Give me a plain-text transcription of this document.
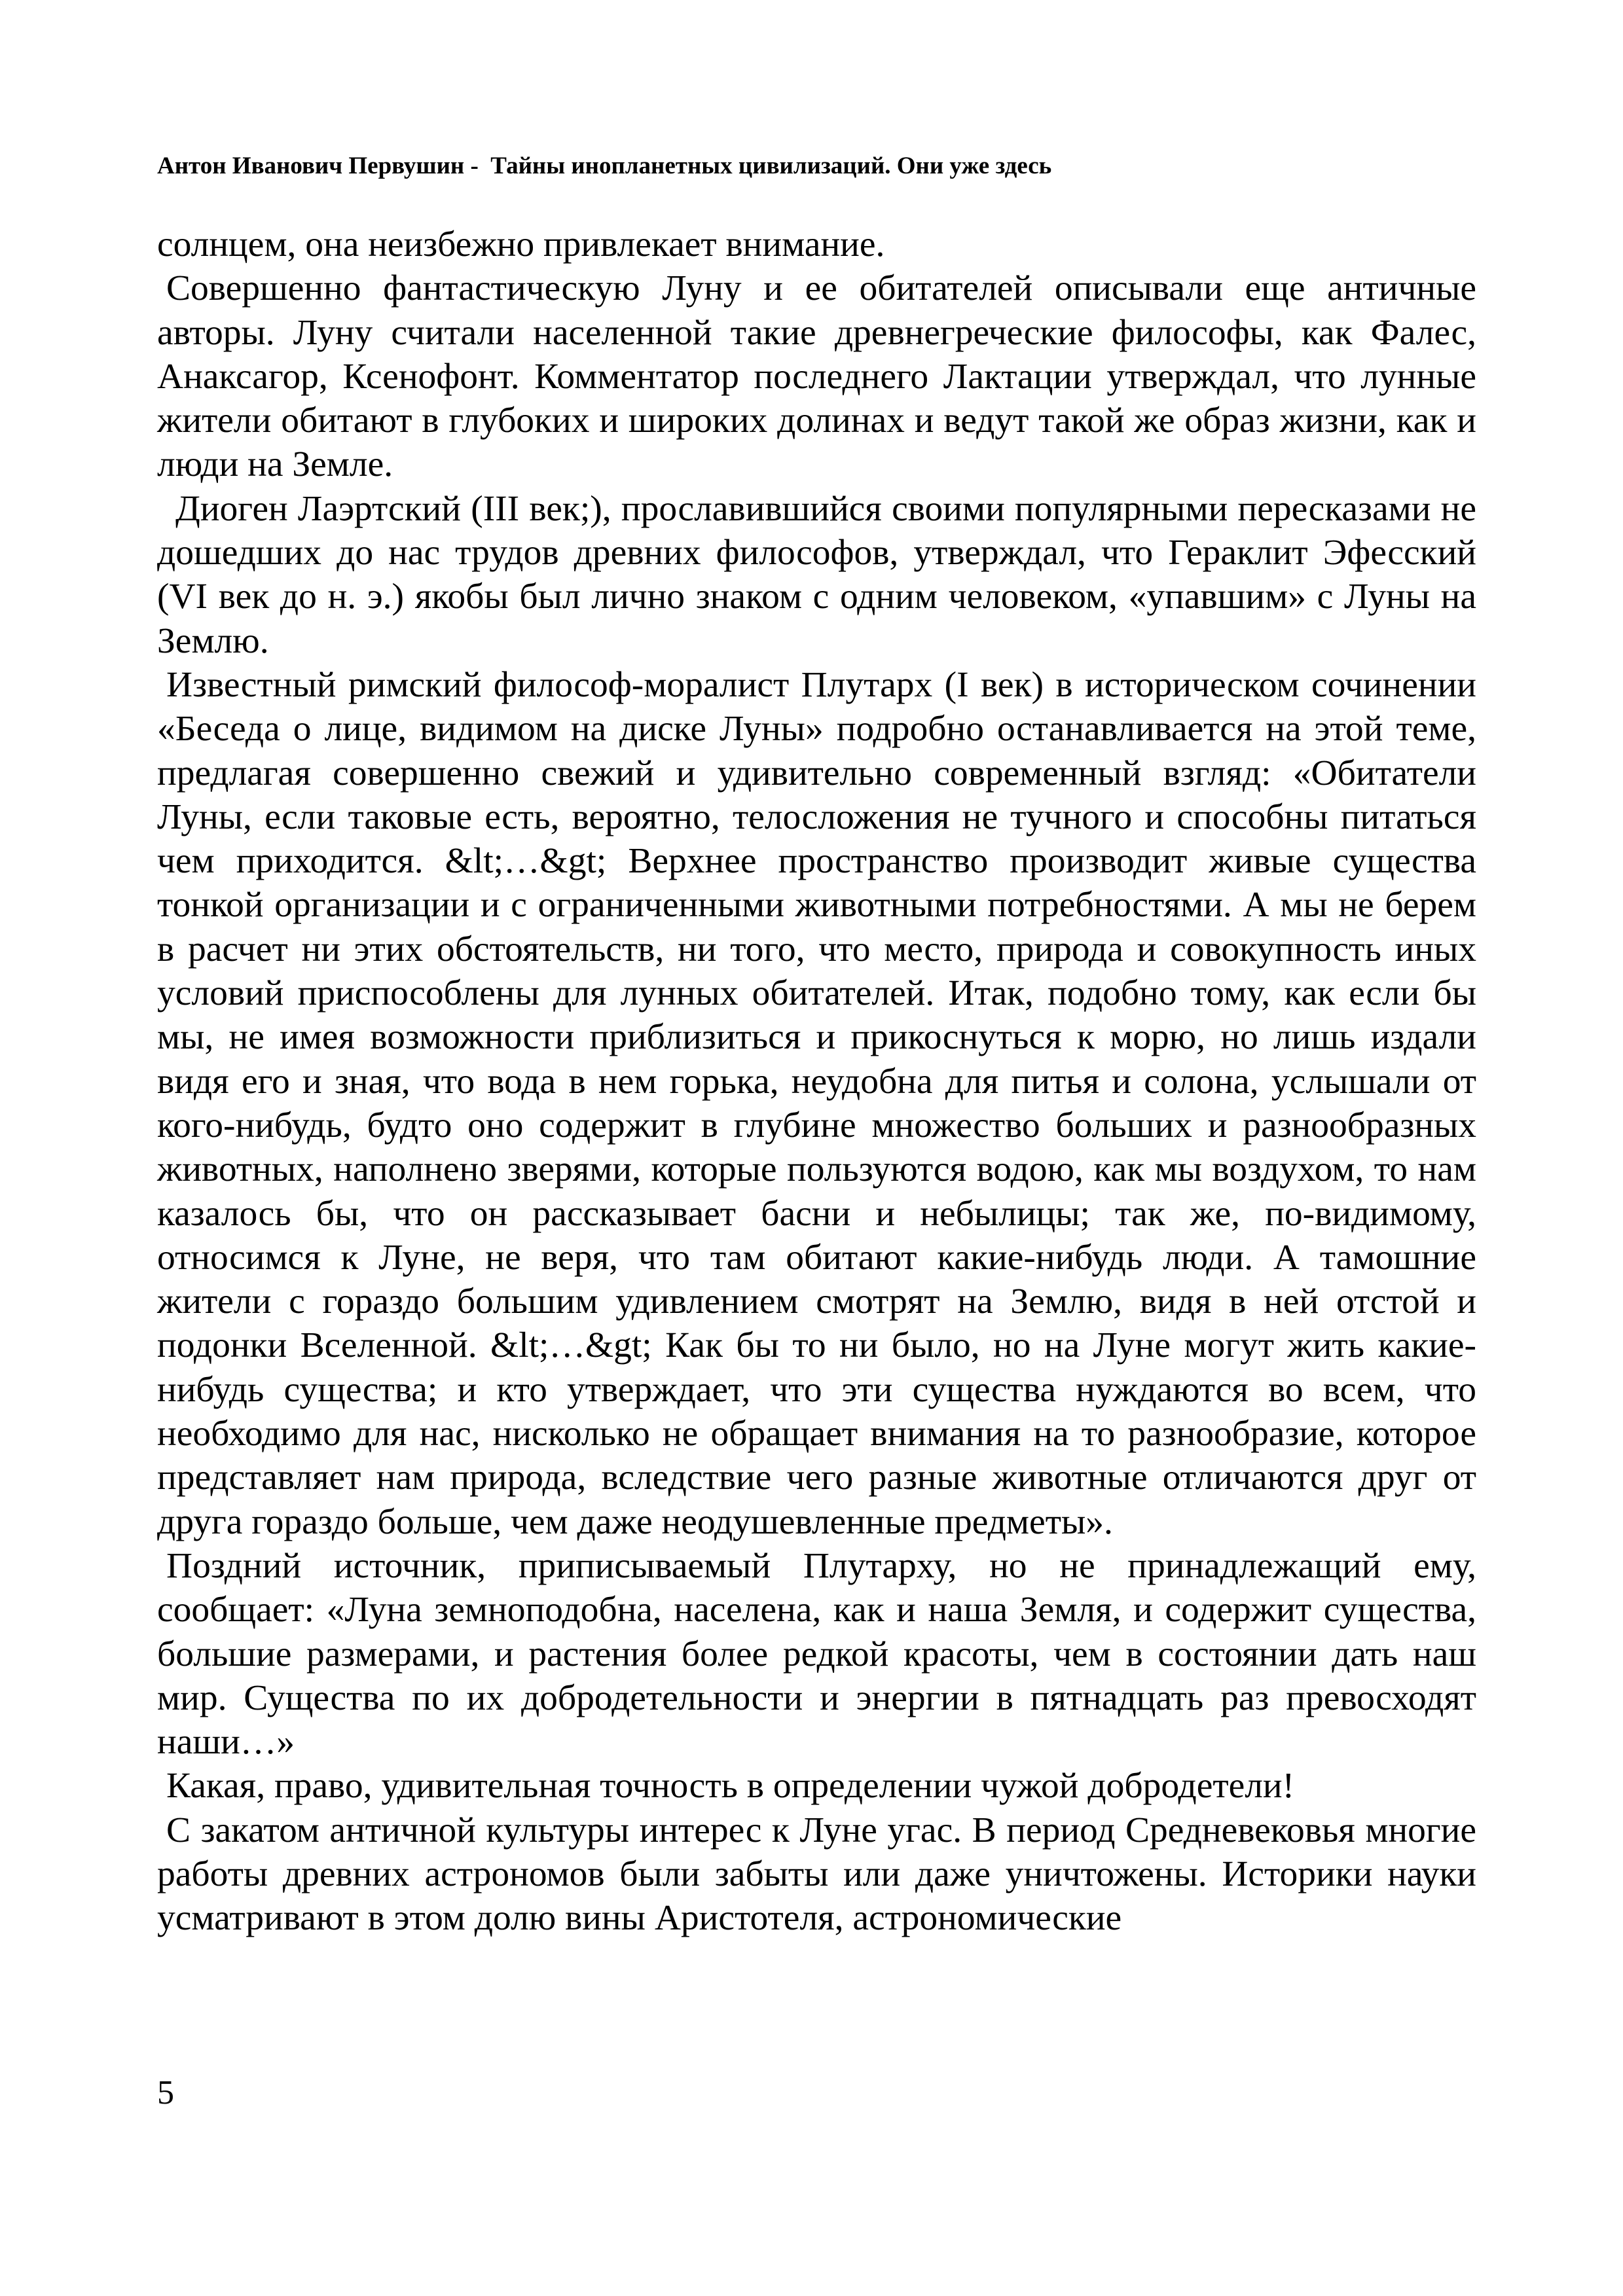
Антон Иванович Первушин -  Тайны инопланетных цивилизаций. Они уже здесь

солнцем, она неизбежно привлекает внимание.

Совершенно фантастическую Луну и ее обитателей описывали еще античные авторы. Луну считали населенной такие древнегреческие философы, как Фалес, Анаксагор, Ксенофонт. Комментатор последнего Лактации утверждал, что лунные жители обитают в глубоких и широких долинах и ведут такой же образ жизни, как и люди на Земле.

Диоген Лаэртский (III век;), прославившийся своими популярными пересказами не дошедших до нас трудов древних философов, утверждал, что Гераклит Эфесский (VI век до н. э.) якобы был лично знаком с одним человеком, «упавшим» с Луны на Землю.

Известный римский философ-моралист Плутарх (I век) в историческом сочинении «Беседа о лице, видимом на диске Луны» подробно останавливается на этой теме, предлагая совершенно свежий и удивительно современный взгляд: «Обитатели Луны, если таковые есть, вероятно, телосложения не тучного и способны питаться чем приходится. &lt;…&gt; Верхнее пространство производит живые существа тонкой организации и с ограниченными животными потребностями. А мы не берем в расчет ни этих обстоятельств, ни того, что место, природа и совокупность иных условий приспособлены для лунных обитателей. Итак, подобно тому, как если бы мы, не имея возможности приблизиться и прикоснуться к морю, но лишь издали видя его и зная, что вода в нем горька, неудобна для питья и солона, услышали от кого-нибудь, будто оно содержит в глубине множество больших и разнообразных животных, наполнено зверями, которые пользуются водою, как мы воздухом, то нам казалось бы, что он рассказывает басни и небылицы; так же, по-видимому, относимся к Луне, не веря, что там обитают какие-нибудь люди. А тамошние жители с гораздо большим удивлением смотрят на Землю, видя в ней отстой и подонки Вселенной. &lt;…&gt; Как бы то ни было, но на Луне могут жить какие-нибудь существа; и кто утверждает, что эти существа нуждаются во всем, что необходимо для нас, нисколько не обращает внимания на то разнообразие, которое представляет нам природа, вследствие чего разные животные отличаются друг от друга гораздо больше, чем даже неодушевленные предметы».

Поздний источник, приписываемый Плутарху, но не принадлежащий ему, сообщает: «Луна земноподобна, населена, как и наша Земля, и содержит существа, большие размерами, и растения более редкой красоты, чем в состоянии дать наш мир. Существа по их добродетельности и энергии в пятнадцать раз превосходят наши…»

Какая, право, удивительная точность в определении чужой добродетели!

С закатом античной культуры интерес к Луне угас. В период Средневековья многие работы древних астрономов были забыты или даже уничтожены. Историки науки усматривают в этом долю вины Аристотеля, астрономические

5
